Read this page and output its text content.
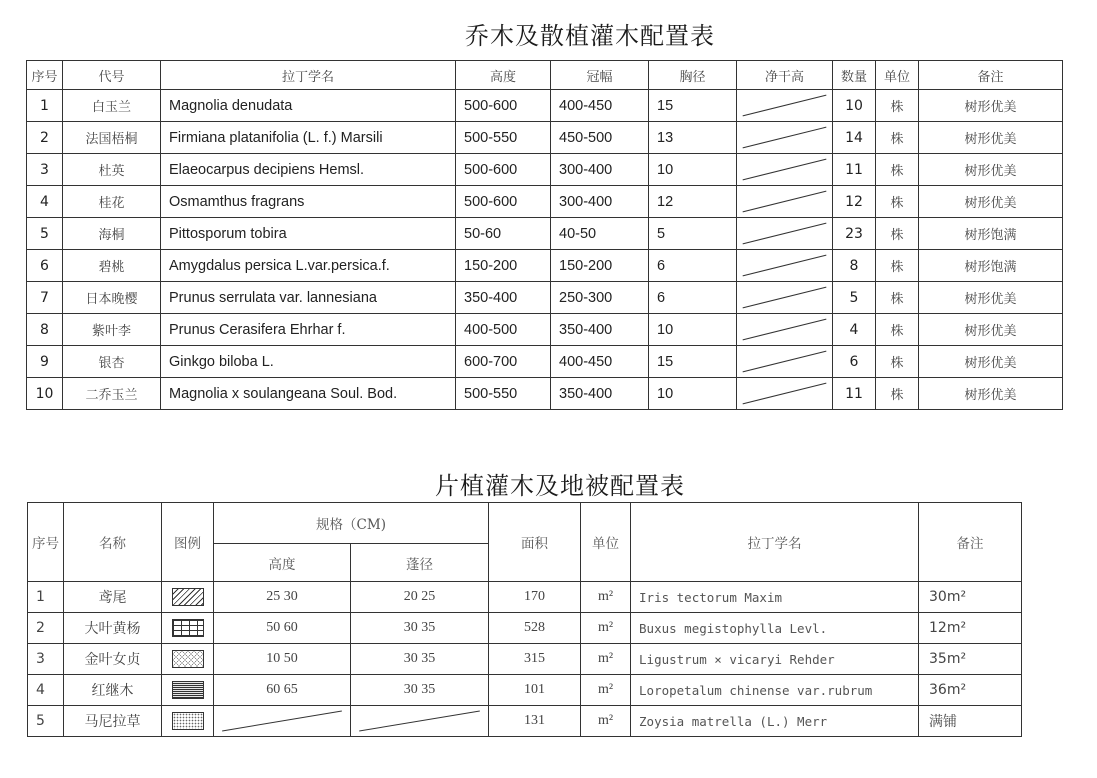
乔木及散植灌木配置表
序号	代号	拉丁学名	高度	冠幅	胸径	净干高	数量	单位	备注
1	白玉兰	Magnolia denudata	500-600	400-450	15		10	株	树形优美
2	法国梧桐	Firmiana platanifolia (L. f.) Marsili	500-550	450-500	13		14	株	树形优美
3	杜英	Elaeocarpus decipiens Hemsl.	500-600	300-400	10		11	株	树形优美
4	桂花	Osmamthus fragrans	500-600	300-400	12		12	株	树形优美
5	海桐	Pittosporum tobira	50-60	40-50	5		23	株	树形饱满
6	碧桃	Amygdalus persica L.var.persica.f.	150-200	150-200	6		8	株	树形饱满
7	日本晚樱	Prunus serrulata var. lannesiana	350-400	250-300	6		5	株	树形优美
8	紫叶李	Prunus Cerasifera Ehrhar f.	400-500	350-400	10		4	株	树形优美
9	银杏	Ginkgo biloba L.	600-700	400-450	15		6	株	树形优美
10	二乔玉兰	Magnolia x soulangeana Soul. Bod.	500-550	350-400	10		11	株	树形优美
片植灌木及地被配置表
序号	名称	图例	规格（CM)		面积	单位	拉丁学名	备注
			高度	蓬径				
1	鸢尾		25 30	20 25	170	m²	Iris tectorum Maxim	30m²
2	大叶黄杨		50 60	30 35	528	m²	Buxus megistophylla Levl.	12m²
3	金叶女贞		10 50	30 35	315	m²	Ligustrum × vicaryi Rehder	35m²
4	红继木		60 65	30 35	101	m²	Loropetalum chinense var.rubrum	36m²
5	马尼拉草				131	m²	Zoysia matrella (L.) Merr	满铺
